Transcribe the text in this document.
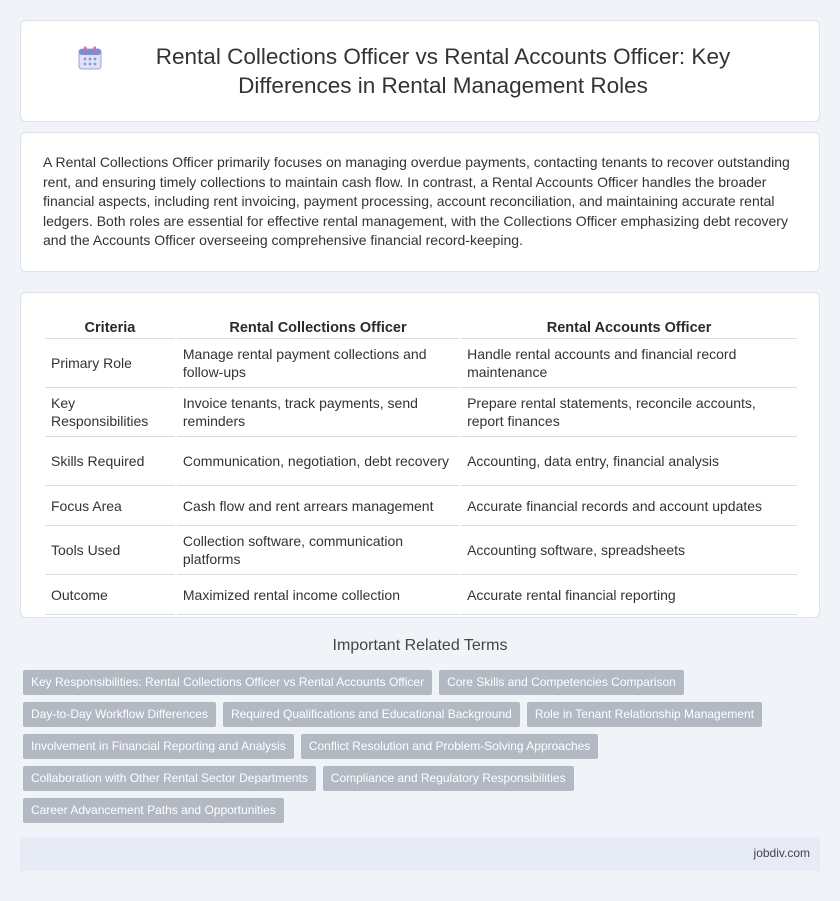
Rental Collections Officer vs Rental Accounts Officer: Key Differences in Rental Management Roles

A Rental Collections Officer primarily focuses on managing overdue payments, contacting tenants to recover outstanding rent, and ensuring timely collections to maintain cash flow. In contrast, a Rental Accounts Officer handles the broader financial aspects, including rent invoicing, payment processing, account reconciliation, and maintaining accurate rental ledgers. Both roles are essential for effective rental management, with the Collections Officer emphasizing debt recovery and the Accounts Officer overseeing comprehensive financial record-keeping.

Criteria	Rental Collections Officer	Rental Accounts Officer
Primary Role	Manage rental payment collections and follow-ups	Handle rental accounts and financial record maintenance
Key Responsibilities	Invoice tenants, track payments, send reminders	Prepare rental statements, reconcile accounts, report finances
Skills Required	Communication, negotiation, debt recovery	Accounting, data entry, financial analysis
Focus Area	Cash flow and rent arrears management	Accurate financial records and account updates
Tools Used	Collection software, communication platforms	Accounting software, spreadsheets
Outcome	Maximized rental income collection	Accurate rental financial reporting
Important Related Terms
Key Responsibilities: Rental Collections Officer vs Rental Accounts Officer	Core Skills and Competencies Comparison
Day-to-Day Workflow Differences	Required Qualifications and Educational Background	Role in Tenant Relationship Management
Involvement in Financial Reporting and Analysis	Conflict Resolution and Problem-Solving Approaches
Collaboration with Other Rental Sector Departments	Compliance and Regulatory Responsibilities
Career Advancement Paths and Opportunities
jobdiv.com
